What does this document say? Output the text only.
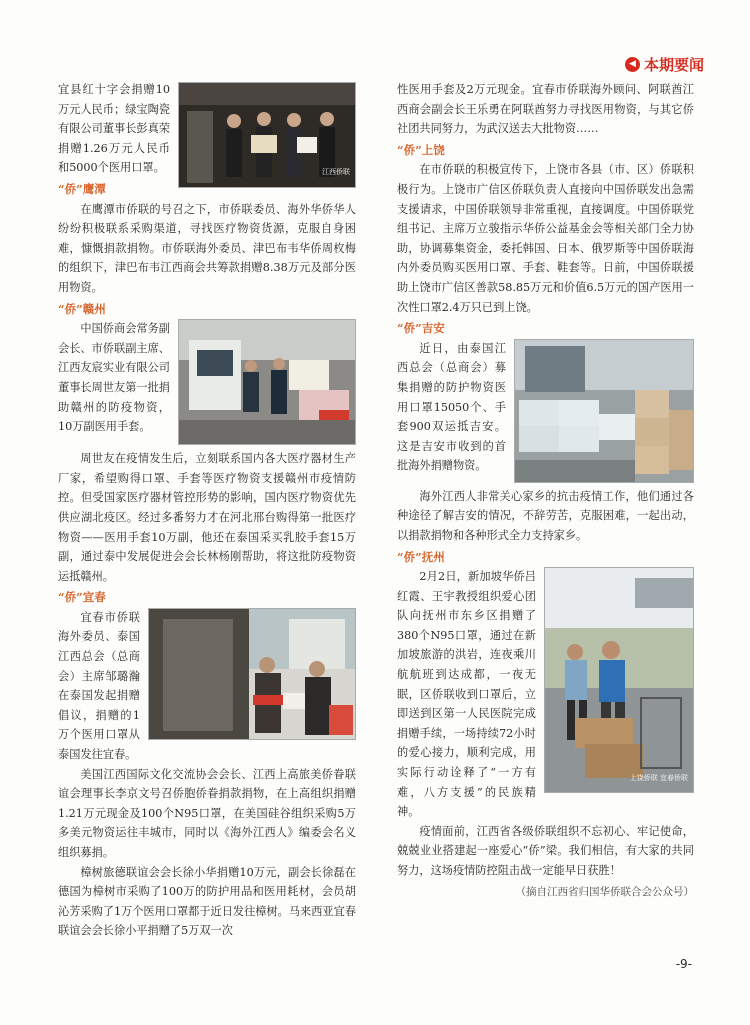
◀ 本期要闻
江西侨联

宜县红十字会捐赠10万元人民币；绿宝陶瓷有限公司董事长彭真荣捐赠1.26万元人民币和5000个医用口罩。

“侨”鹰潭

在鹰潭市侨联的号召之下，市侨联委员、海外华侨华人纷纷积极联系采购渠道，寻找医疗物资货源，克服自身困难，慷慨捐款捐物。市侨联海外委员、津巴布韦华侨周枚梅的组织下，津巴布韦江西商会共筹款捐赠8.38万元及部分医用物资。

“侨”赣州

中国侨商会常务副会长、市侨联副主席、江西友宸实业有限公司董事长周世友第一批捐助赣州的防疫物资，10万副医用手套。

周世友在疫情发生后，立刻联系国内各大医疗器材生产厂家，希望购得口罩、手套等医疗物资支援赣州市疫情防控。但受国家医疗器材管控形势的影响，国内医疗物资优先供应湖北疫区。经过多番努力才在河北邢台购得第一批医疗物资——医用手套10万副，他还在泰国采买乳胶手套15万副，通过泰中发展促进会会长林杨刚帮助，将这批防疫物资运抵赣州。

“侨”宜春

宜春市侨联海外委员、泰国江西总会（总商会）主席邹璐瀚在泰国发起捐赠倡议，捐赠的1万个医用口罩从泰国发往宜春。

美国江西国际文化交流协会会长、江西上高旅美侨眷联谊会理事长李京文号召侨胞侨眷捐款捐物，在上高组织捐赠1.21万元现金及100个N95口罩，在美国硅谷组织采购5万多美元物资运往丰城市，同时以《海外江西人》编委会名义组织募捐。

樟树旅德联谊会会长徐小华捐赠10万元，副会长徐磊在德国为樟树市采购了100万的防护用品和医用耗材，会员胡沁芳采购了1万个医用口罩都于近日发往樟树。马来西亚宜春联谊会会长徐小平捐赠了5万双一次

性医用手套及2万元现金。宜春市侨联海外顾问、阿联酋江西商会副会长王乐勇在阿联酋努力寻找医用物资，与其它侨社团共同努力，为武汉送去大批物资……

“侨”上饶

在市侨联的积极宣传下，上饶市各县（市、区）侨联积极行为。上饶市广信区侨联负责人直接向中国侨联发出急需支援请求，中国侨联领导非常重视，直接调度。中国侨联党组书记、主席万立骏指示华侨公益基金会等相关部门全力协助，协调募集资金，委托韩国、日本、俄罗斯等中国侨联海内外委员购买医用口罩、手套、鞋套等。日前，中国侨联援助上饶市广信区善款58.85万元和价值6.5万元的国产医用一次性口罩2.4万只已到上饶。

“侨”吉安

近日，由泰国江西总会（总商会）募集捐赠的防护物资医用口罩15050个、手套900双运抵吉安。这是吉安市收到的首批海外捐赠物资。

海外江西人非常关心家乡的抗击疫情工作，他们通过各种途径了解吉安的情况，不辞劳苦，克服困难，一起出动，以捐款捐物和各种形式全力支持家乡。

“侨”抚州
上饶侨联 宜春侨联

2月2日，新加坡华侨吕红霞、王宇教授组织爱心团队向抚州市东乡区捐赠了380个N95口罩，通过在新加坡旅游的洪岩，连夜乘川航航班到达成都，一夜无眠，区侨联收到口罩后，立即送到区第一人民医院完成捐赠手续，一场持续72小时的爱心接力，顺利完成，用实际行动诠释了“一方有难，八方支援”的民族精神。

疫情面前，江西省各级侨联组织不忘初心、牢记使命，兢兢业业搭建起一座爱心“侨”梁。我们相信，有大家的共同努力，这场疫情防控阻击战一定能早日获胜！

（摘自江西省归国华侨联合会公众号）
-9-
